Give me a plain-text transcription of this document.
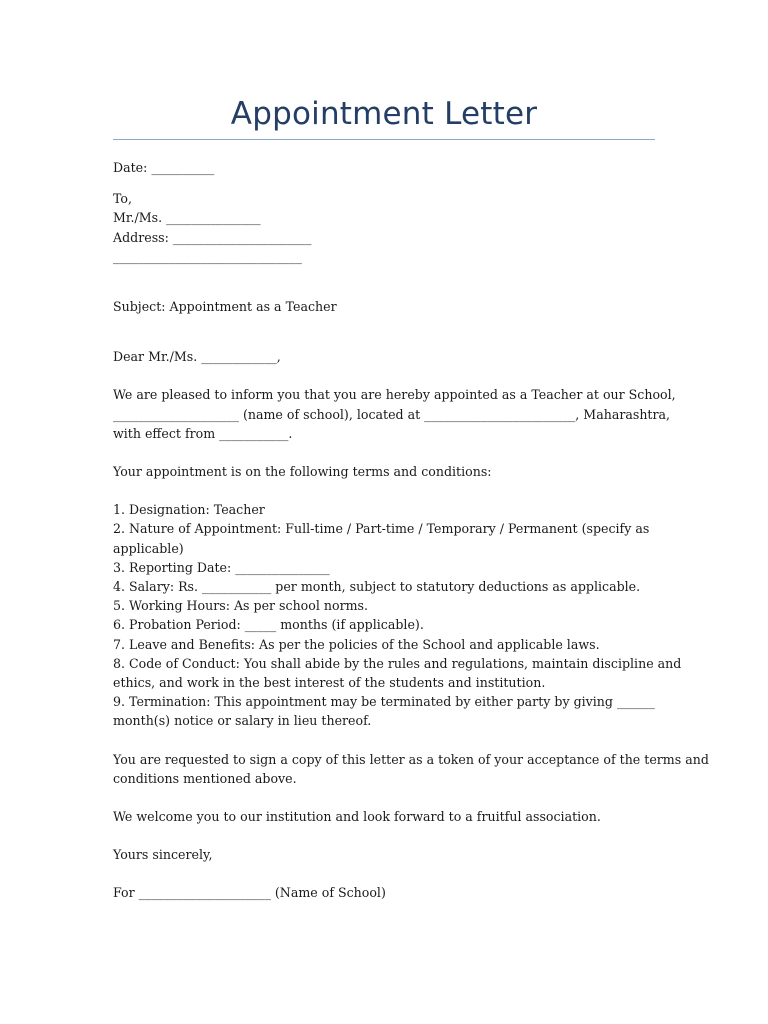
Appointment Letter

Date: __________

To,

Mr./Ms. _______________

Address: ______________________

______________________________

Subject: Appointment as a Teacher

Dear Mr./Ms. ____________,

We are pleased to inform you that you are hereby appointed as a Teacher at our School,

____________________ (name of school), located at ________________________, Maharashtra,

with effect from ___________.

Your appointment is on the following terms and conditions:

1. Designation: Teacher

2. Nature of Appointment: Full-time / Part-time / Temporary / Permanent (specify as

applicable)

3. Reporting Date: _______________

4. Salary: Rs. ___________ per month, subject to statutory deductions as applicable.

5. Working Hours: As per school norms.

6. Probation Period: _____ months (if applicable).

7. Leave and Benefits: As per the policies of the School and applicable laws.

8. Code of Conduct: You shall abide by the rules and regulations, maintain discipline and

ethics, and work in the best interest of the students and institution.

9. Termination: This appointment may be terminated by either party by giving ______

month(s) notice or salary in lieu thereof.

You are requested to sign a copy of this letter as a token of your acceptance of the terms and

conditions mentioned above.

We welcome you to our institution and look forward to a fruitful association.

Yours sincerely,

For _____________________ (Name of School)
